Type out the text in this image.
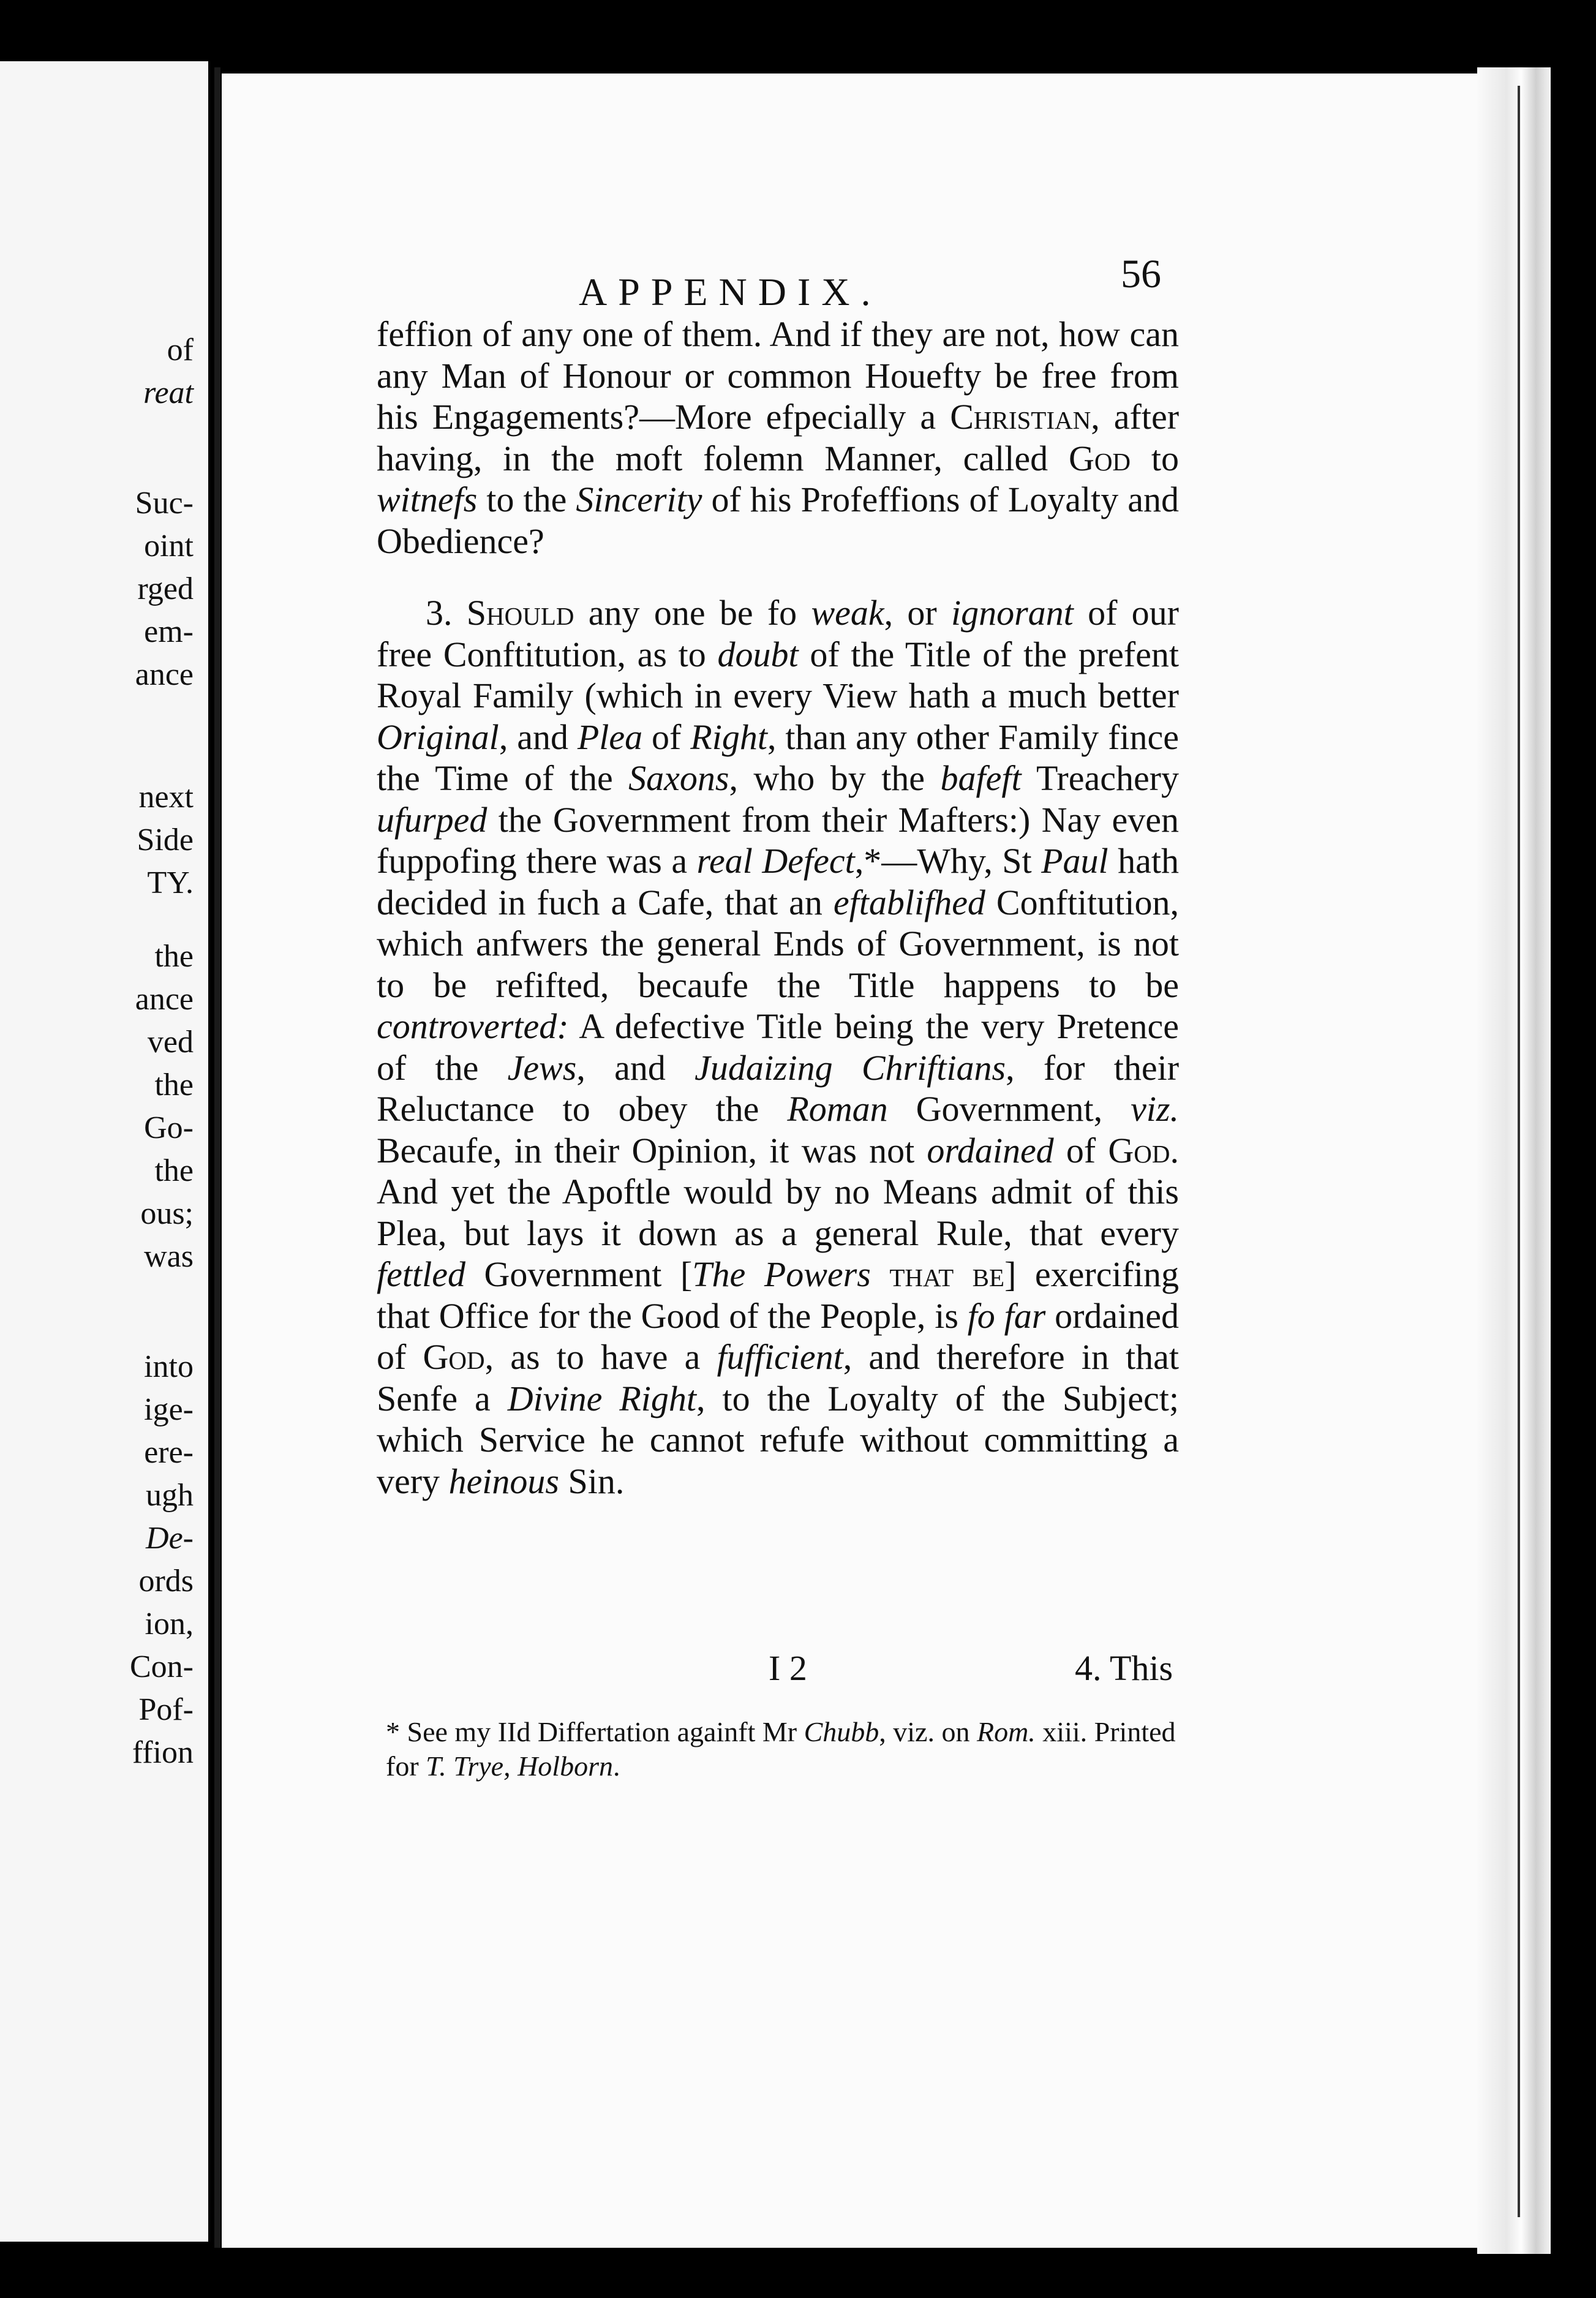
of
reat
Suc-
oint
rged
em-
ance
next
Side
TY.
the
ance
ved
the
Go-
the
ous;
was
into
ige-
ere-
ugh
De-
ords
ion,
Con-
Pof-
ffion
APPENDIX.	56

feffion of any one of them. And if they are not, how can any Man of Honour or common Houefty be free from his Engagements?—More efpecially a Christian, after having, in the moft folemn Manner, called God to witnefs to the Sincerity of his Profeffions of Loyalty and Obedience?

3. Should any one be fo weak, or ignorant of our free Conftitution, as to doubt of the Title of the prefent Royal Family (which in every View hath a much better Original, and Plea of Right, than any other Family fince the Time of the Saxons, who by the bafeft Treachery ufurped the Government from their Mafters:) Nay even fuppofing there was a real Defect,*—Why, St Paul hath decided in fuch a Cafe, that an eftablifhed Conftitution, which anfwers the general Ends of Government, is not to be refifted, becaufe the Title happens to be controverted: A defective Title being the very Pretence of the Jews, and Judaizing Chriftians, for their Reluctance to obey the Roman Government, viz. Becaufe, in their Opinion, it was not ordained of God. And yet the Apoftle would by no Means admit of this Plea, but lays it down as a general Rule, that every fettled Government [The Powers that be] exercifing that Office for the Good of the People, is fo far ordained of God, as to have a fufficient, and therefore in that Senfe a Divine Right, to the Loyalty of the Subject; which Service he cannot refufe without committing a very heinous Sin.

I 2	4. This
* See my IId Differtation againft Mr Chubb, viz. on Rom. xiii. Printed for T. Trye, Holborn.
